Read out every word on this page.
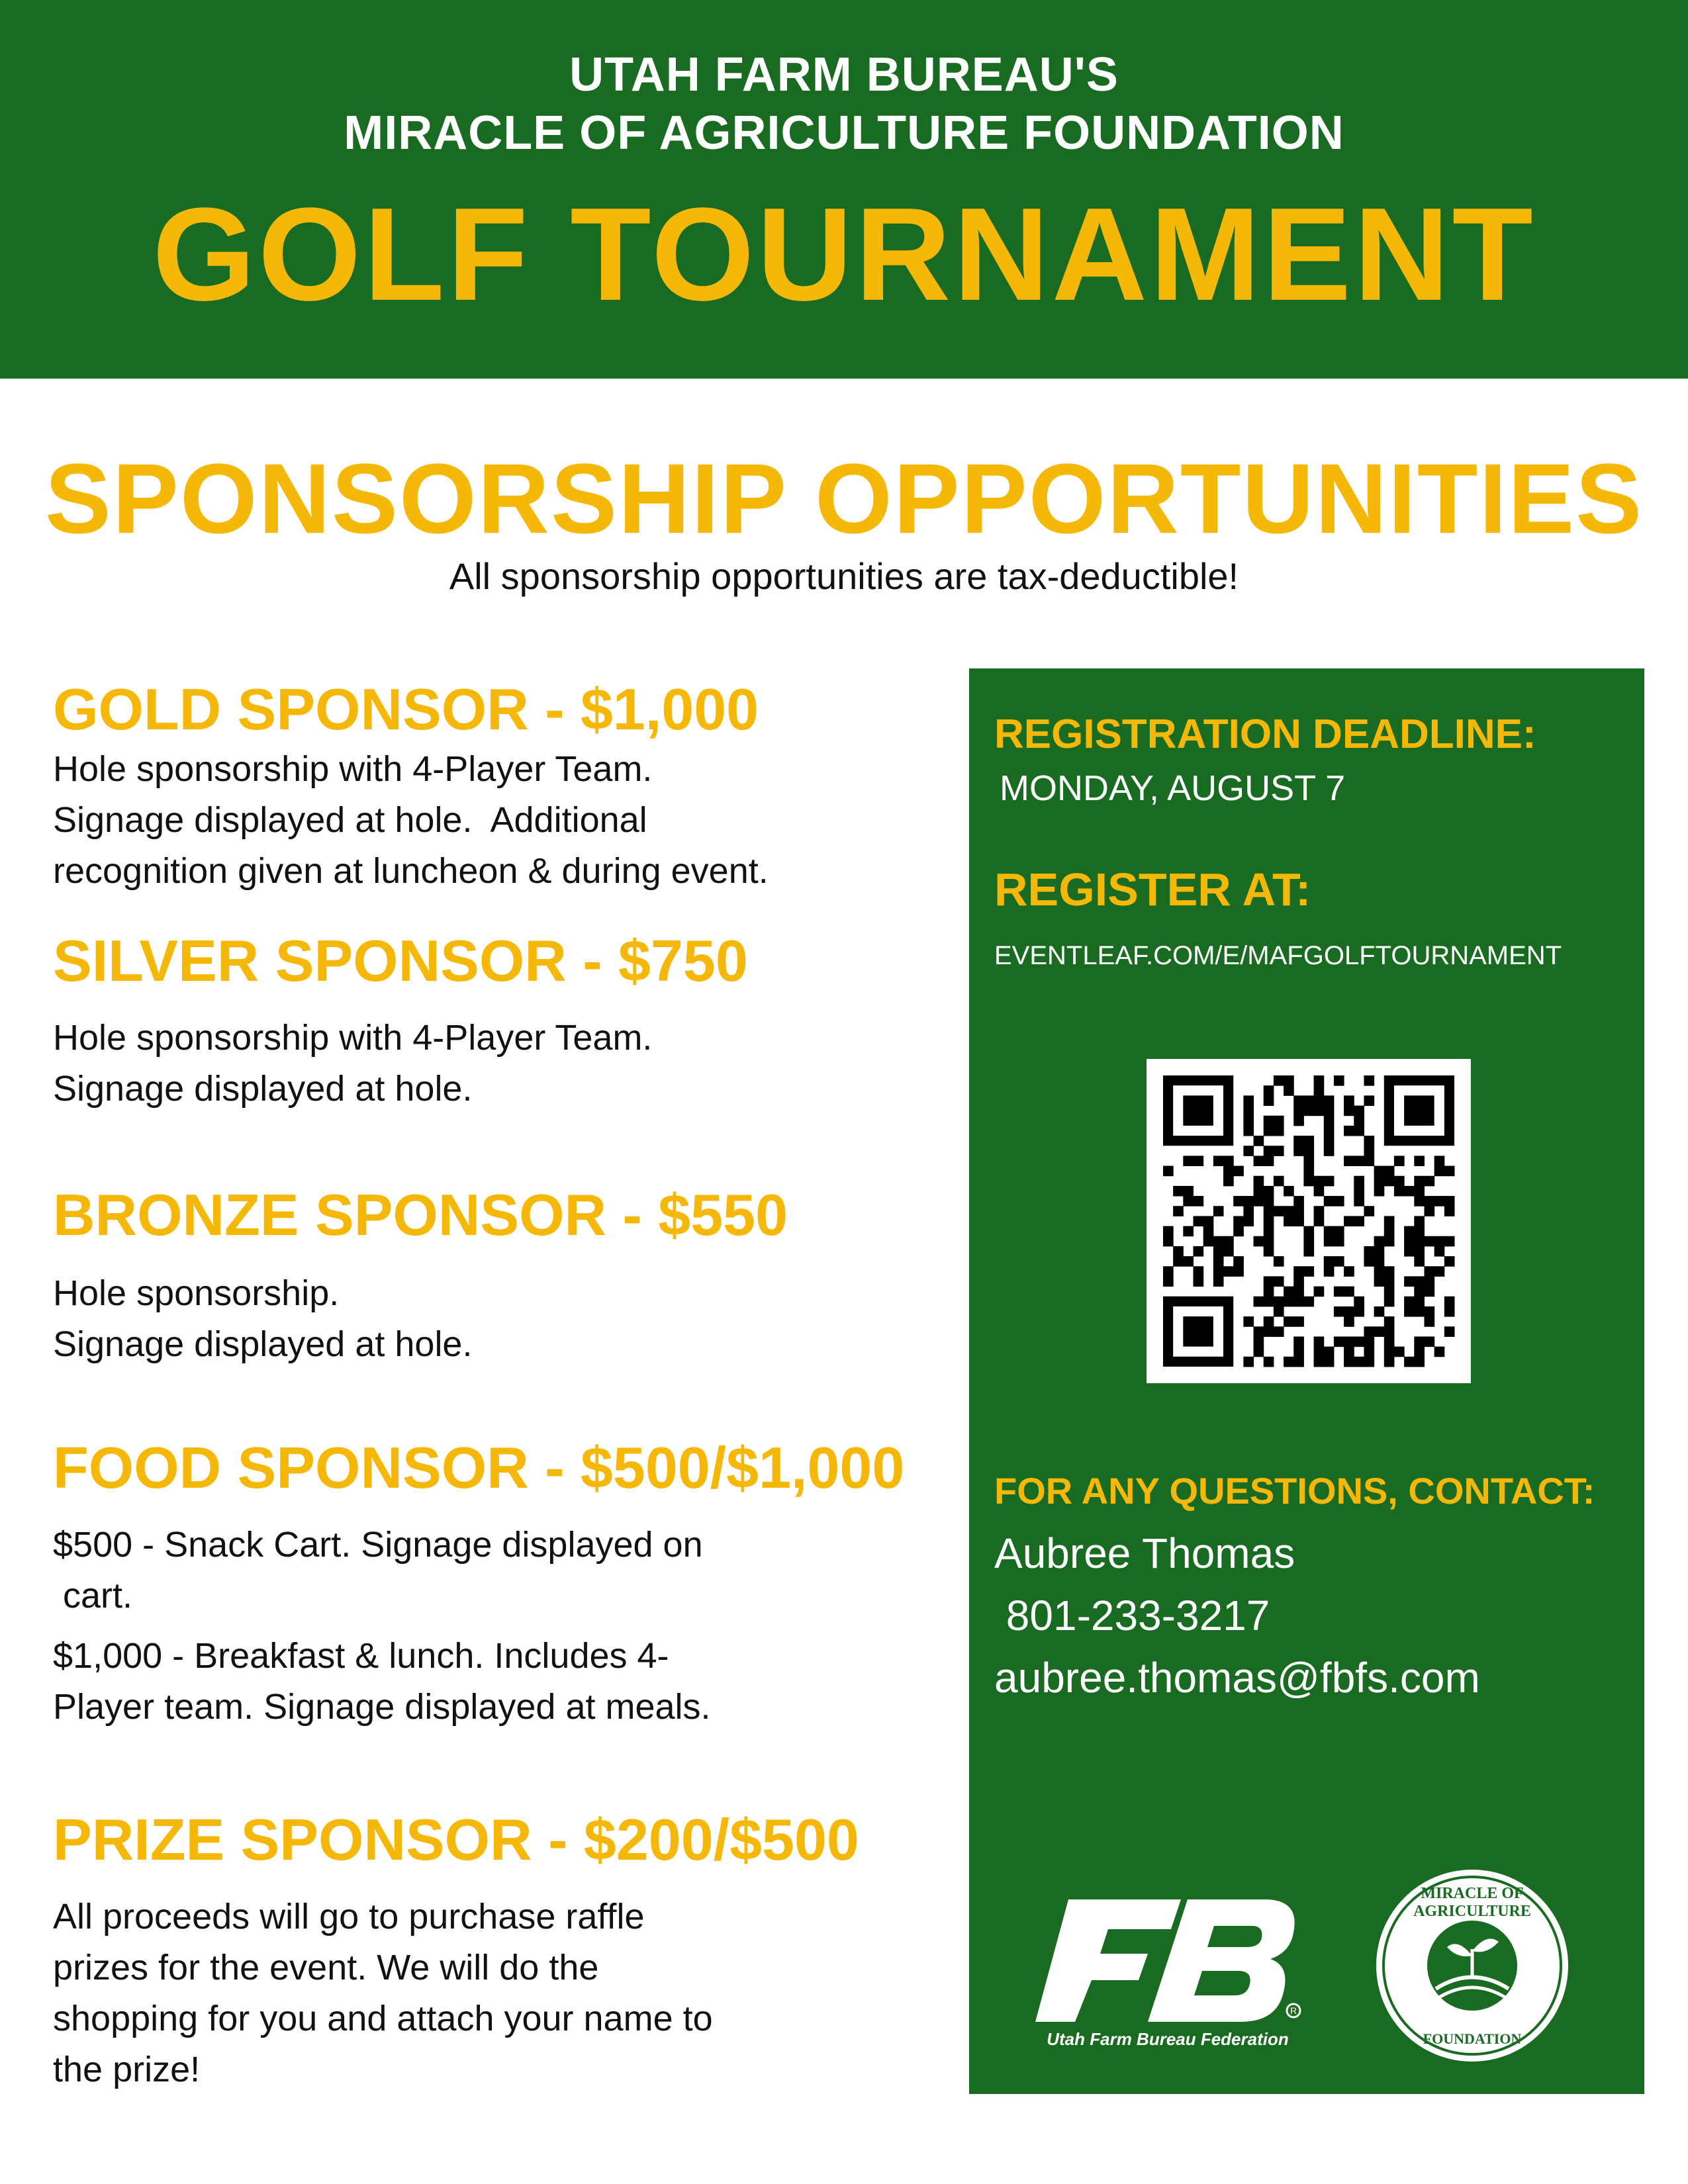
UTAH FARM BUREAU'S
MIRACLE OF AGRICULTURE FOUNDATION
GOLF TOURNAMENT
SPONSORSHIP OPPORTUNITIES
All sponsorship opportunities are tax-deductible!
GOLD SPONSOR - $1,000
Hole sponsorship with 4-Player Team.
Signage displayed at hole.  Additional
recognition given at luncheon & during event.
SILVER SPONSOR - $750
Hole sponsorship with 4-Player Team.
Signage displayed at hole.
BRONZE SPONSOR - $550
Hole sponsorship.
Signage displayed at hole.
FOOD SPONSOR - $500/$1,000
$500 - Snack Cart. Signage displayed on
cart.
$1,000 - Breakfast & lunch. Includes 4-
Player team. Signage displayed at meals.
PRIZE SPONSOR - $200/$500
All proceeds will go to purchase raffle
prizes for the event. We will do the
shopping for you and attach your name to
the prize!
REGISTRATION DEADLINE:
MONDAY, AUGUST 7
REGISTER AT:
EVENTLEAF.COM/E/MAFGOLFTOURNAMENT
FOR ANY QUESTIONS, CONTACT:
Aubree Thomas
801-233-3217
aubree.thomas@fbfs.com
R
Utah Farm Bureau Federation
MIRACLE OF AGRICULTURE
FOUNDATION
